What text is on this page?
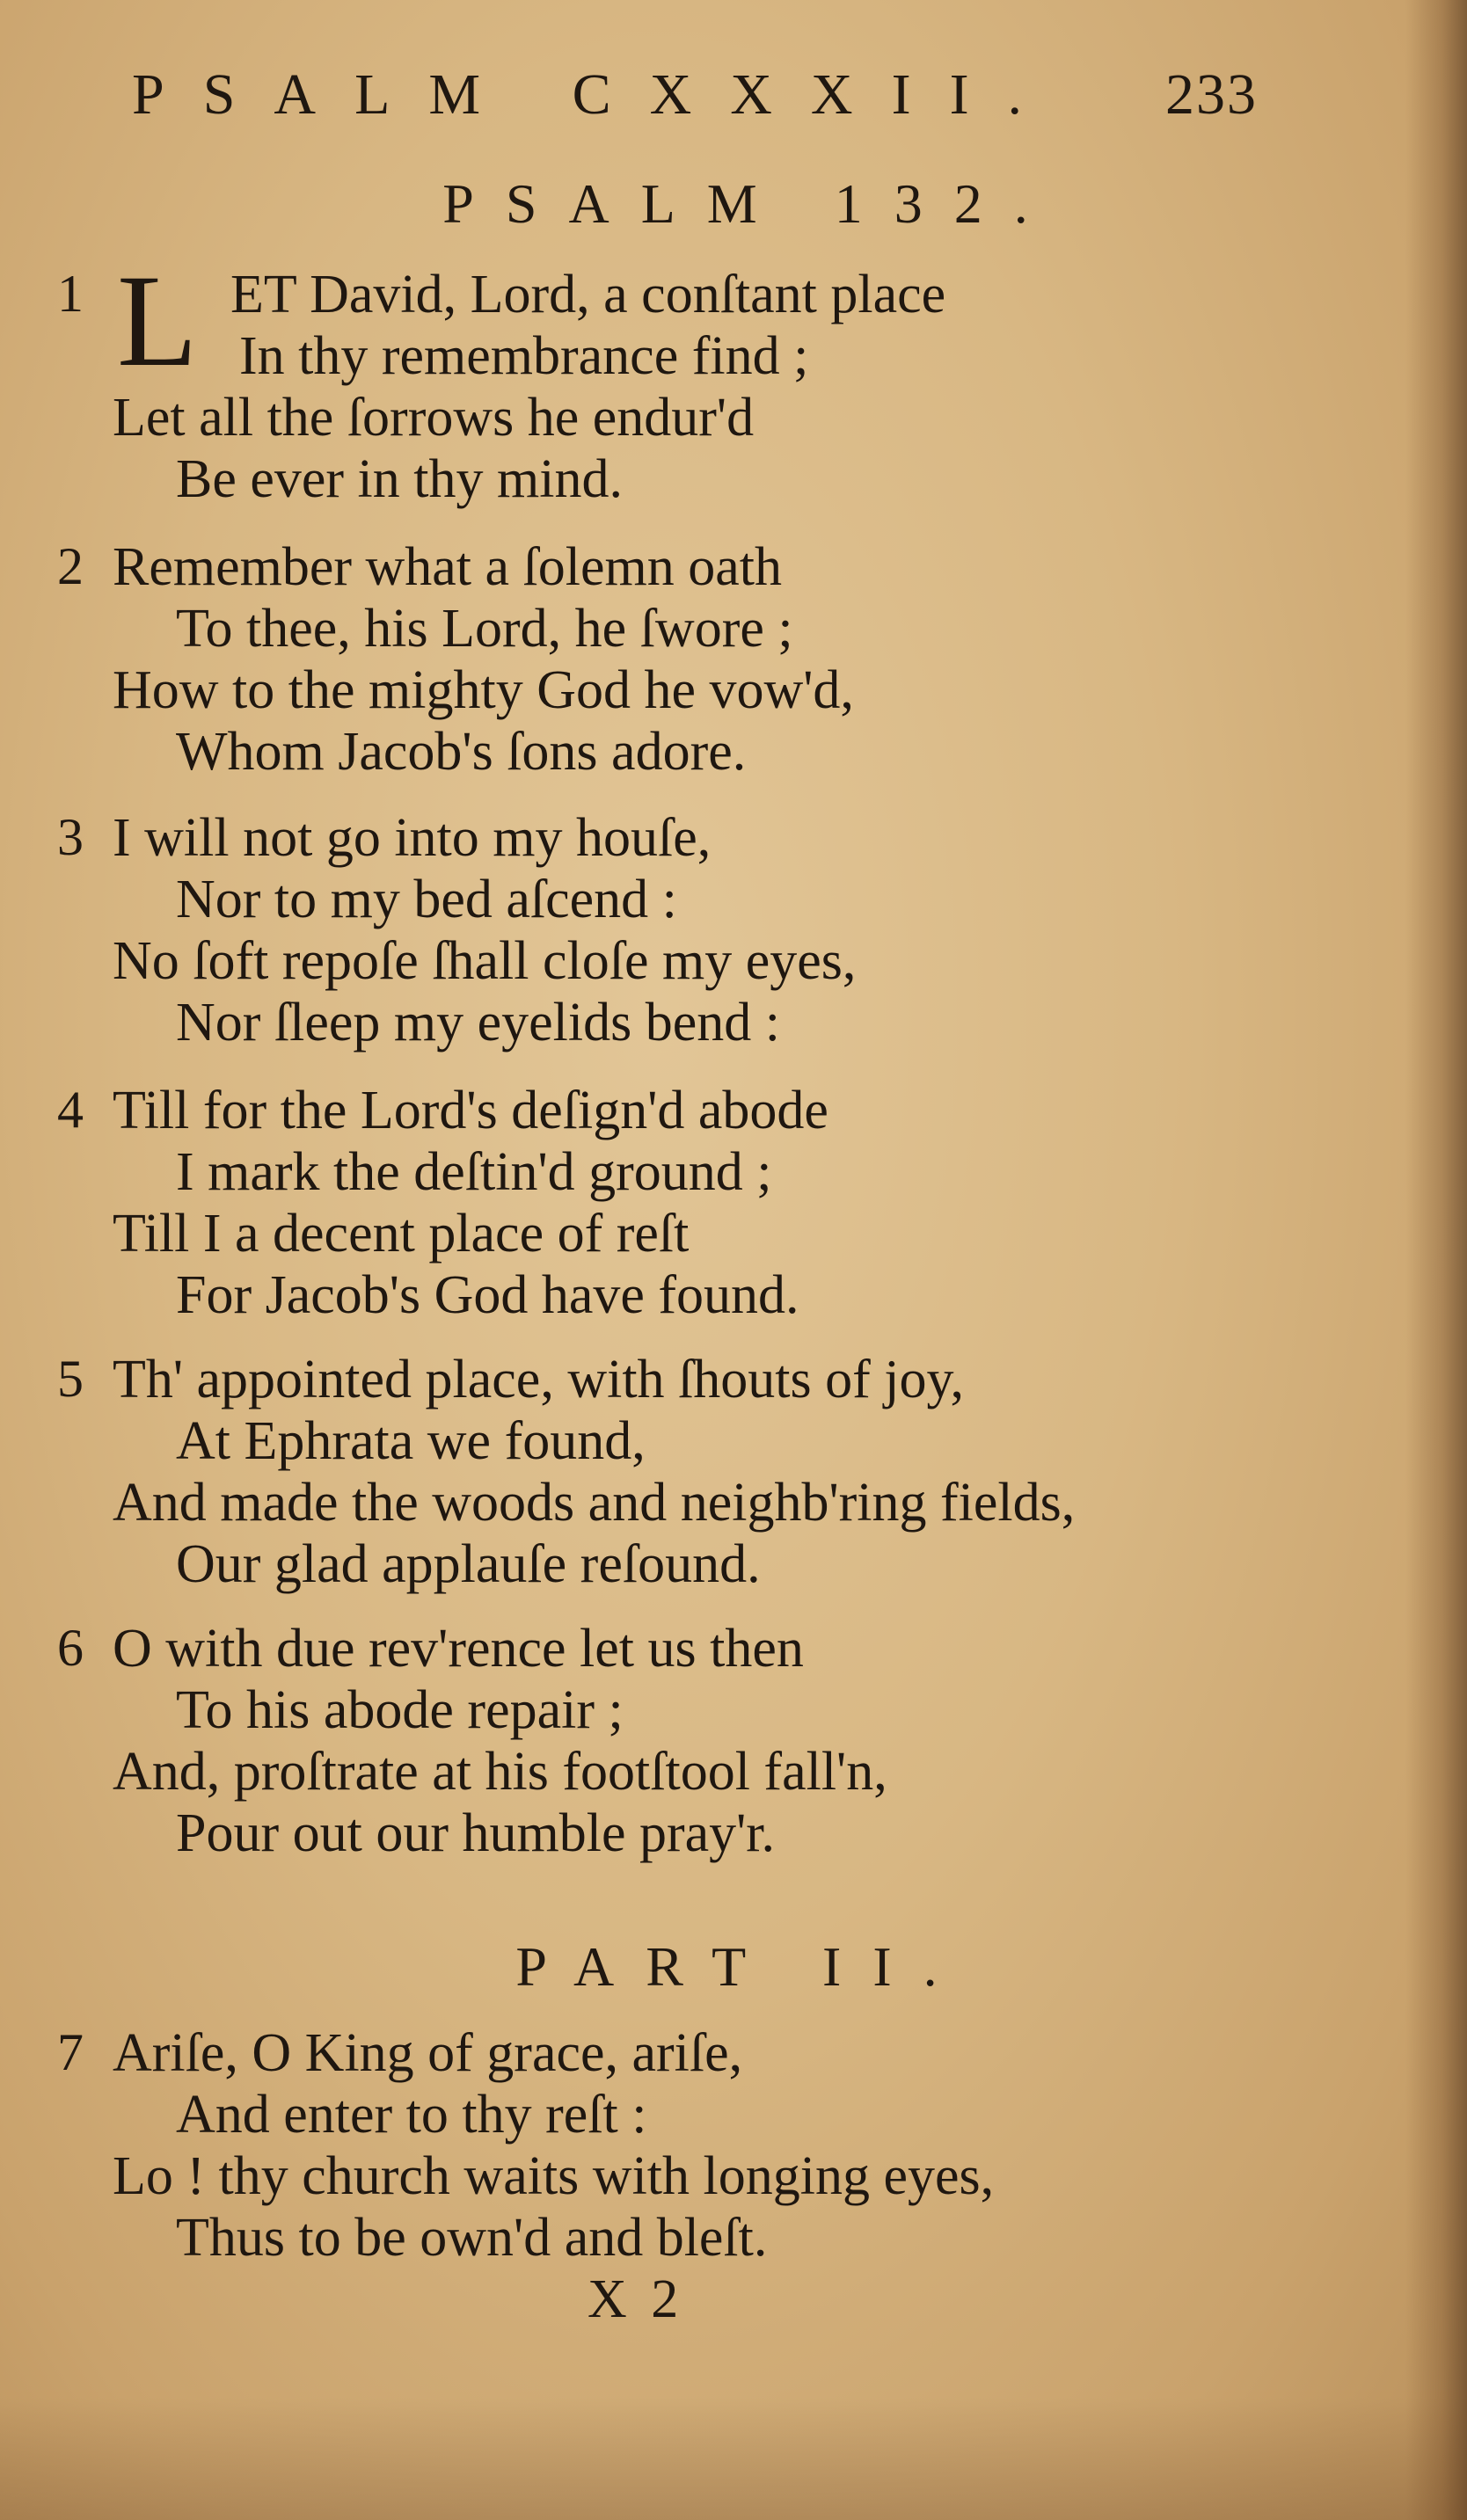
PSALM CXXXII. 233
PSALM 132.
1 L ET David, Lord, a conſtant place
In thy remembrance find ;
Let all the ſorrows he endur'd
Be ever in thy mind.
2 Remember what a ſolemn oath
To thee, his Lord, he ſwore ;
How to the mighty God he vow'd,
Whom Jacob's ſons adore.
3 I will not go into my houſe,
Nor to my bed aſcend :
No ſoft repoſe ſhall cloſe my eyes,
Nor ſleep my eyelids bend :
4 Till for the Lord's deſign'd abode
I mark the deſtin'd ground ;
Till I a decent place of reſt
For Jacob's God have found.
5 Th' appointed place, with ſhouts of joy,
At Ephrata we found,
And made the woods and neighb'ring fields,
Our glad applauſe reſound.
6 O with due rev'rence let us then
To his abode repair ;
And, proſtrate at his footſtool fall'n,
Pour out our humble pray'r.
PART II.
7 Ariſe, O King of grace, ariſe,
And enter to thy reſt :
Lo ! thy church waits with longing eyes,
Thus to be own'd and bleſt.
X 2
